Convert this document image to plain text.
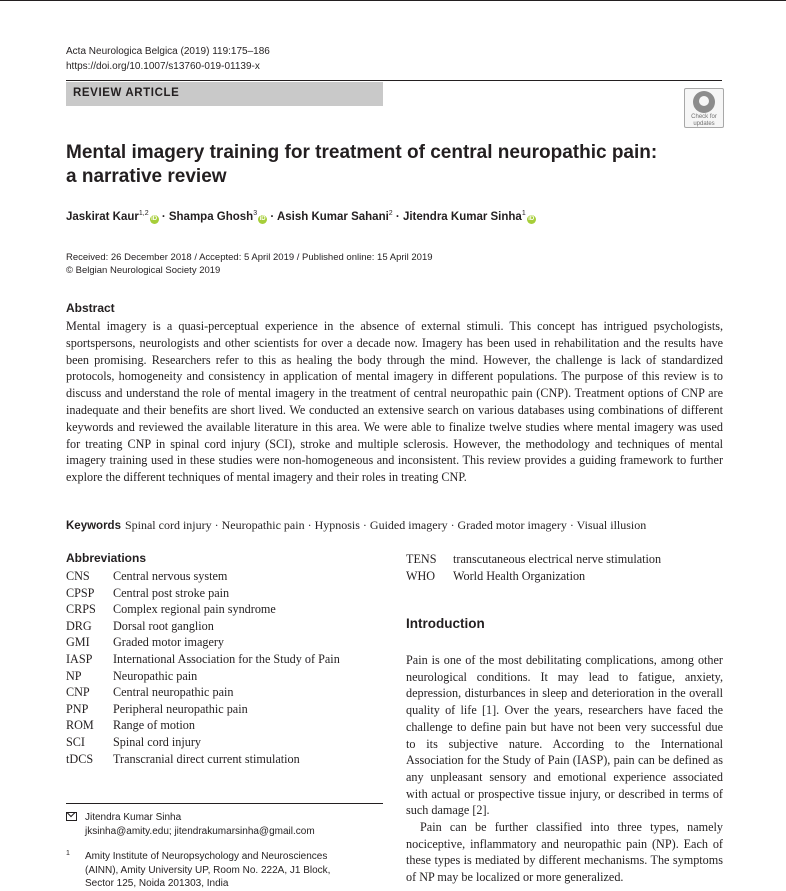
Acta Neurologica Belgica (2019) 119:175–186
https://doi.org/10.1007/s13760-019-01139-x
REVIEW ARTICLE
Check for
updates
Mental imagery training for treatment of central neuropathic pain:
a narrative review
Jaskirat Kaur$^{1,2}$iD · Shampa Ghosh$^3$iD · Asish Kumar Sahani$^2$ · Jitendra Kumar Sinha$^1$iD
Received: 26 December 2018 / Accepted: 5 April 2019 / Published online: 15 April 2019
© Belgian Neurological Society 2019
Abstract
Mental imagery is a quasi-perceptual experience in the absence of external stimuli. This concept has intrigued psychologists, sportspersons, neurologists and other scientists for over a decade now. Imagery has been used in rehabilitation and the results have been promising. Researchers refer to this as healing the body through the mind. However, the challenge is lack of standardized protocols, homogeneity and consistency in application of mental imagery in different populations. The purpose of this review is to discuss and understand the role of mental imagery in the treatment of central neuropathic pain (CNP). Treatment options of CNP are inadequate and their benefits are short lived. We conducted an extensive search on various databases using combinations of different keywords and reviewed the available literature in this area. We were able to finalize twelve studies where mental imagery was used for treating CNP in spinal cord injury (SCI), stroke and multiple sclerosis. However, the methodology and techniques of mental imagery training used in these studies were non-homogeneous and inconsistent. This review provides a guiding framework to further explore the different techniques of mental imagery and their roles in treating CNP.
Keywords Spinal cord injury · Neuropathic pain · Hypnosis · Guided imagery · Graded motor imagery · Visual illusion
Abbreviations
CNS Central nervous system
CPSP Central post stroke pain
CRPS Complex regional pain syndrome
DRG Dorsal root ganglion
GMI Graded motor imagery
IASP International Association for the Study of Pain
NP	Neuropathic pain
CNP Central neuropathic pain
PNP Peripheral neuropathic pain
ROM Range of motion
SCI Spinal cord injury
tDCS Transcranial direct current stimulation
TENS transcutaneous electrical nerve stimulation
WHO World Health Organization
Introduction

Pain is one of the most debilitating complications, among other neurological conditions. It may lead to fatigue, anxiety, depression, disturbances in sleep and deterioration in the overall quality of life [1]. Over the years, researchers have faced the challenge to define pain but have not been very successful due to its subjective nature. According to the International Association for the Study of Pain (IASP), pain can be defined as any unpleasant sensory and emotional experience associated with actual or prospective tissue injury, or described in terms of such damage [2].

Pain can be further classified into three types, namely nociceptive, inflammatory and neuropathic pain (NP). Each of these types is mediated by different mechanisms. The symptoms of NP may be localized or more generalized.

Jitendra Kumar Sinha
jksinha@amity.edu; jitendrakumarsinha@gmail.com
1 Amity Institute of Neuropsychology and Neurosciences
(AINN), Amity University UP, Room No. 222A, J1 Block,
Sector 125, Noida 201303, India
